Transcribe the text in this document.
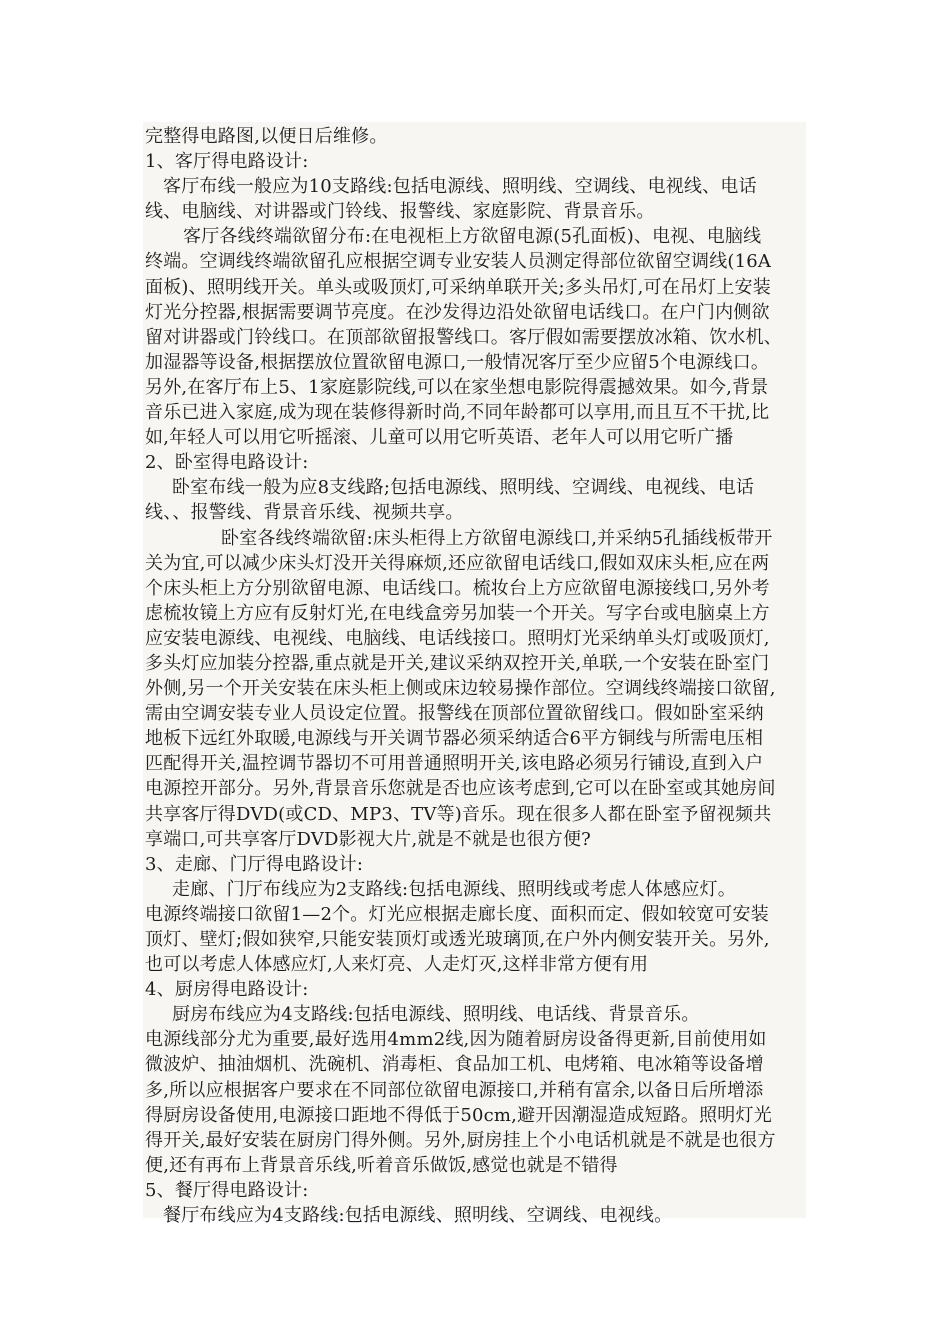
完整得电路图,以便日后维修。
1、客厅得电路设计:
客厅布线一般应为10支路线:包括电源线、照明线、空调线、电视线、电话
线、电脑线、对讲器或门铃线、报警线、家庭影院、背景音乐。
客厅各线终端欲留分布:在电视柜上方欲留电源(5孔面板)、电视、电脑线
终端。空调线终端欲留孔应根据空调专业安装人员测定得部位欲留空调线(16A
面板)、照明线开关。单头或吸顶灯,可采纳单联开关;多头吊灯,可在吊灯上安装
灯光分控器,根据需要调节亮度。在沙发得边沿处欲留电话线口。在户门内侧欲
留对讲器或门铃线口。在顶部欲留报警线口。客厅假如需要摆放冰箱、饮水机、
加湿器等设备,根据摆放位置欲留电源口,一般情况客厅至少应留5个电源线口。
另外,在客厅布上5、1家庭影院线,可以在家坐想电影院得震撼效果。如今,背景
音乐已进入家庭,成为现在装修得新时尚,不同年龄都可以享用,而且互不干扰,比
如,年轻人可以用它听摇滚、儿童可以用它听英语、老年人可以用它听广播
2、卧室得电路设计:
卧室布线一般为应8支线路;包括电源线、照明线、空调线、电视线、电话
线、、报警线、背景音乐线、视频共享。
卧室各线终端欲留:床头柜得上方欲留电源线口,并采纳5孔插线板带开
关为宜,可以减少床头灯没开关得麻烦,还应欲留电话线口,假如双床头柜,应在两
个床头柜上方分别欲留电源、电话线口。梳妆台上方应欲留电源接线口,另外考
虑梳妆镜上方应有反射灯光,在电线盒旁另加装一个开关。写字台或电脑桌上方
应安装电源线、电视线、电脑线、电话线接口。照明灯光采纳单头灯或吸顶灯,
多头灯应加装分控器,重点就是开关,建议采纳双控开关,单联,一个安装在卧室门
外侧,另一个开关安装在床头柜上侧或床边较易操作部位。空调线终端接口欲留,
需由空调安装专业人员设定位置。报警线在顶部位置欲留线口。假如卧室采纳
地板下远红外取暖,电源线与开关调节器必须采纳适合6平方铜线与所需电压相
匹配得开关,温控调节器切不可用普通照明开关,该电路必须另行铺设,直到入户
电源控开部分。另外,背景音乐您就是否也应该考虑到,它可以在卧室或其她房间
共享客厅得DVD(或CD、MP3、TV等)音乐。现在很多人都在卧室予留视频共
享端口,可共享客厅DVD影视大片,就是不就是也很方便?
3、走廊、门厅得电路设计:
走廊、门厅布线应为2支路线:包括电源线、照明线或考虑人体感应灯。
电源终端接口欲留1—2个。灯光应根据走廊长度、面积而定、假如较宽可安装
顶灯、壁灯;假如狭窄,只能安装顶灯或透光玻璃顶,在户外内侧安装开关。另外,
也可以考虑人体感应灯,人来灯亮、人走灯灭,这样非常方便有用
4、厨房得电路设计:
厨房布线应为4支路线:包括电源线、照明线、电话线、背景音乐。
电源线部分尤为重要,最好选用4mm2线,因为随着厨房设备得更新,目前使用如
微波炉、抽油烟机、洗碗机、消毒柜、食品加工机、电烤箱、电冰箱等设备增
多,所以应根据客户要求在不同部位欲留电源接口,并稍有富余,以备日后所增添
得厨房设备使用,电源接口距地不得低于50cm,避开因潮湿造成短路。照明灯光
得开关,最好安装在厨房门得外侧。另外,厨房挂上个小电话机就是不就是也很方
便,还有再布上背景音乐线,听着音乐做饭,感觉也就是不错得
5、餐厅得电路设计:
餐厅布线应为4支路线:包括电源线、照明线、空调线、电视线。
